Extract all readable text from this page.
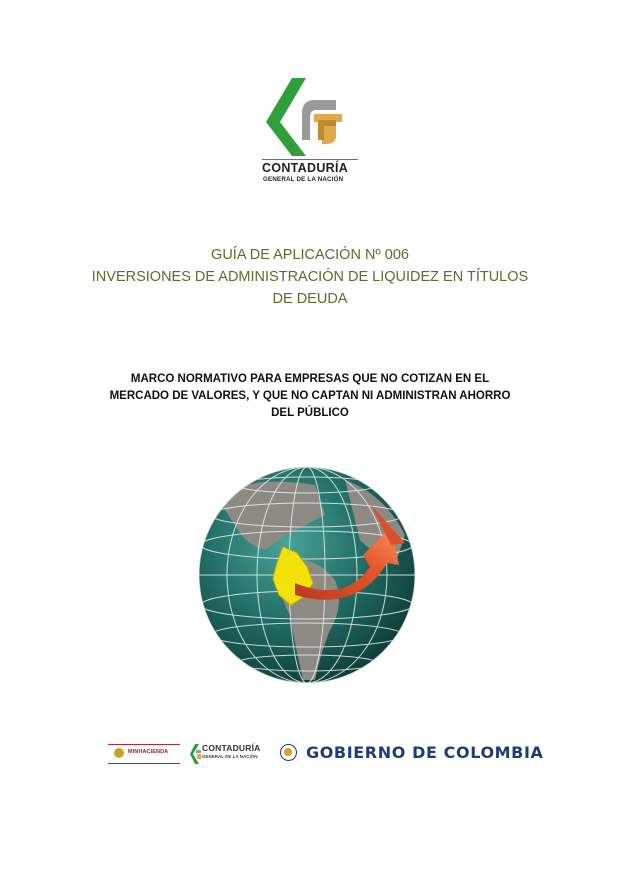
CONTADURÍA
GENERAL DE LA NACIÓN
GUÍA DE APLICACIÓN Nº 006
INVERSIONES DE ADMINISTRACIÓN DE LIQUIDEZ EN TÍTULOS
DE DEUDA
MARCO NORMATIVO PARA EMPRESAS QUE NO COTIZAN EN EL
MERCADO DE VALORES, Y QUE NO CAPTAN NI ADMINISTRAN AHORRO
DEL PÚBLICO
MINHACIENDA	CONTADURÍA
GENERAL DE LA NACIÓN	GOBIERNO DE COLOMBIA
